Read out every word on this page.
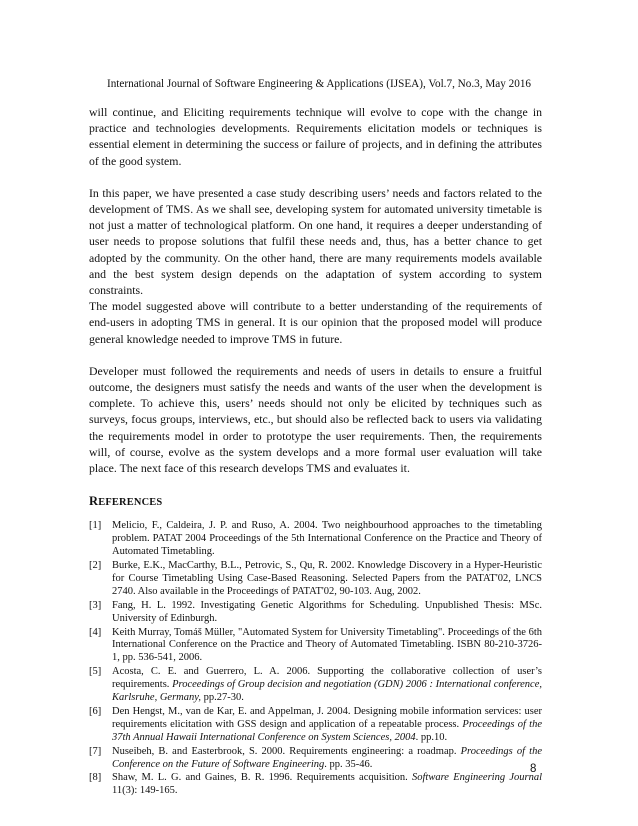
International Journal of Software Engineering & Applications (IJSEA), Vol.7, No.3, May 2016

will continue, and Eliciting requirements technique will evolve to cope with the change in practice and technologies developments. Requirements elicitation models or techniques is essential element in determining the success or failure of projects, and in defining the attributes of the good system.

In this paper, we have presented a case study describing users’ needs and factors related to the development of TMS. As we shall see, developing system for automated university timetable is not just a matter of technological platform. On one hand, it requires a deeper understanding of user needs to propose solutions that fulfil these needs and, thus, has a better chance to get adopted by the community. On the other hand, there are many requirements models available and the best system design depends on the adaptation of system according to system constraints.

The model suggested above will contribute to a better understanding of the requirements of end-users in adopting TMS in general. It is our opinion that the proposed model will produce general knowledge needed to improve TMS in future.

Developer must followed the requirements and needs of users in details to ensure a fruitful outcome, the designers must satisfy the needs and wants of the user when the development is complete. To achieve this, users’ needs should not only be elicited by techniques such as surveys, focus groups, interviews, etc., but should also be reflected back to users via validating the requirements model in order to prototype the user requirements. Then, the requirements will, of course, evolve as the system develops and a more formal user evaluation will take place. The next face of this research develops TMS and evaluates it.

REFERENCES
[1] Melicio, F., Caldeira, J. P. and Ruso, A. 2004. Two neighbourhood approaches to the timetabling problem. PATAT 2004 Proceedings of the 5th International Conference on the Practice and Theory of Automated Timetabling.
[2] Burke, E.K., MacCarthy, B.L., Petrovic, S., Qu, R. 2002. Knowledge Discovery in a Hyper-Heuristic for Course Timetabling Using Case-Based Reasoning. Selected Papers from the PATAT'02, LNCS 2740. Also available in the Proceedings of PATAT'02, 90-103. Aug, 2002.
[3] Fang, H. L. 1992. Investigating Genetic Algorithms for Scheduling. Unpublished Thesis: MSc. University of Edinburgh.
[4] Keith Murray, Tomáš Müller, "Automated System for University Timetabling". Proceedings of the 6th International Conference on the Practice and Theory of Automated Timetabling. ISBN 80-210-3726-1, pp. 536-541, 2006.
[5] Acosta, C. E. and Guerrero, L. A. 2006. Supporting the collaborative collection of user’s requirements. Proceedings of Group decision and negotiation (GDN) 2006 : International conference, Karlsruhe, Germany, pp.27-30.
[6] Den Hengst, M., van de Kar, E. and Appelman, J. 2004. Designing mobile information services: user requirements elicitation with GSS design and application of a repeatable process. Proceedings of the 37th Annual Hawaii International Conference on System Sciences, 2004. pp.10.
[7] Nuseibeh, B. and Easterbrook, S. 2000. Requirements engineering: a roadmap. Proceedings of the Conference on the Future of Software Engineering. pp. 35-46.
[8] Shaw, M. L. G. and Gaines, B. R. 1996. Requirements acquisition. Software Engineering Journal 11(3): 149-165.
8
